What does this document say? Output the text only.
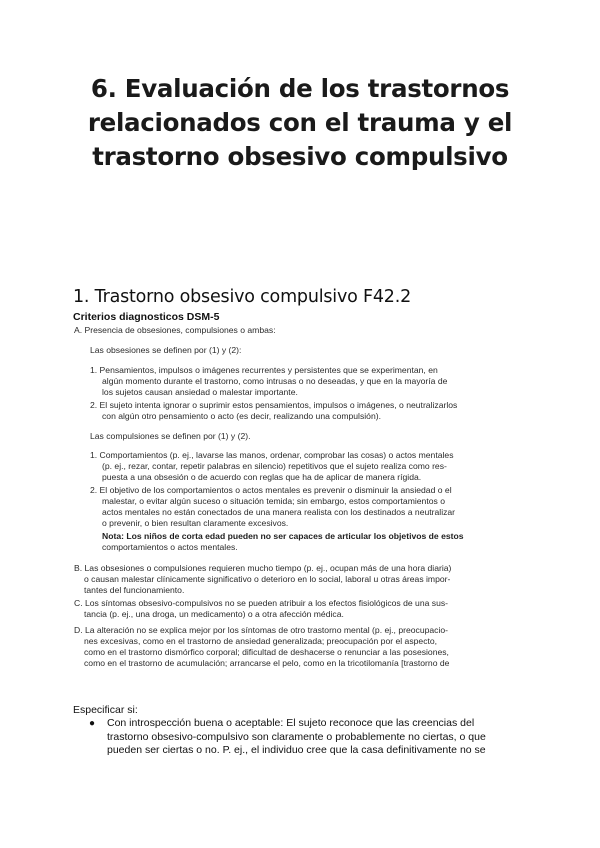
6. Evaluación de los trastornos
relacionados con el trauma y el
trastorno obsesivo compulsivo
1. Trastorno obsesivo compulsivo F42.2
Criterios diagnosticos DSM-5
A. Presencia de obsesiones, compulsiones o ambas:
Las obsesiones se definen por (1) y (2):
1. Pensamientos, impulsos o imágenes recurrentes y persistentes que se experimentan, en
algún momento durante el trastorno, como intrusas o no deseadas, y que en la mayoría de
los sujetos causan ansiedad o malestar importante.
2. El sujeto intenta ignorar o suprimir estos pensamientos, impulsos o imágenes, o neutralizarlos
con algún otro pensamiento o acto (es decir, realizando una compulsión).
Las compulsiones se definen por (1) y (2).
1. Comportamientos (p. ej., lavarse las manos, ordenar, comprobar las cosas) o actos mentales
(p. ej., rezar, contar, repetir palabras en silencio) repetitivos que el sujeto realiza como res-
puesta a una obsesión o de acuerdo con reglas que ha de aplicar de manera rígida.
2. El objetivo de los comportamientos o actos mentales es prevenir o disminuir la ansiedad o el
malestar, o evitar algún suceso o situación temida; sin embargo, estos comportamientos o
actos mentales no están conectados de una manera realista con los destinados a neutralizar
o prevenir, o bien resultan claramente excesivos.
Nota: Los niños de corta edad pueden no ser capaces de articular los objetivos de estos
comportamientos o actos mentales.
B. Las obsesiones o compulsiones requieren mucho tiempo (p. ej., ocupan más de una hora diaria)
o causan malestar clínicamente significativo o deterioro en lo social, laboral u otras áreas impor-
tantes del funcionamiento.
C. Los síntomas obsesivo-compulsivos no se pueden atribuir a los efectos fisiológicos de una sus-
tancia (p. ej., una droga, un medicamento) o a otra afección médica.
D. La alteración no se explica mejor por los síntomas de otro trastorno mental (p. ej., preocupacio-
nes excesivas, como en el trastorno de ansiedad generalizada; preocupación por el aspecto,
como en el trastorno dismórfico corporal; dificultad de deshacerse o renunciar a las posesiones,
como en el trastorno de acumulación; arrancarse el pelo, como en la tricotilomanía [trastorno de
Especificar si:
● Con introspección buena o aceptable: El sujeto reconoce que las creencias del
trastorno obsesivo-compulsivo son claramente o probablemente no ciertas, o que
pueden ser ciertas o no. P. ej., el individuo cree que la casa definitivamente no se
